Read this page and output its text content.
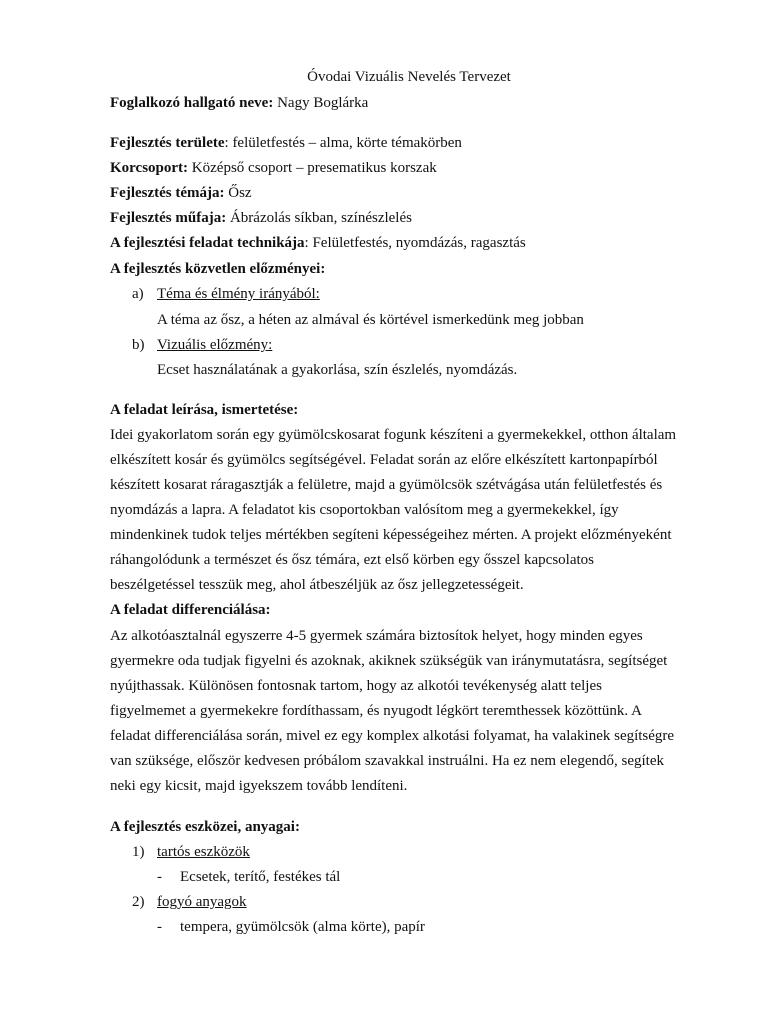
Óvodai Vizuális Nevelés Tervezet
Foglalkozó hallgató neve: Nagy Boglárka
Fejlesztés területe: felületfestés – alma, körte témakörben
Korcsoport: Középső csoport – presematikus korszak
Fejlesztés témája: Ősz
Fejlesztés műfaja: Ábrázolás síkban, színészlelés
A fejlesztési feladat technikája: Felületfestés, nyomdázás, ragasztás
A fejlesztés közvetlen előzményei:
a) Téma és élmény irányából:
A téma az ősz, a héten az almával és körtével ismerkedünk meg jobban
b) Vizuális előzmény:
Ecset használatának a gyakorlása, szín észlelés, nyomdázás.
A feladat leírása, ismertetése:
Idei gyakorlatom során egy gyümölcskosarat fogunk készíteni a gyermekekkel, otthon általam
elkészített kosár és gyümölcs segítségével. Feladat során az előre elkészített kartonpapírból
készített kosarat ráragasztják a felületre, majd a gyümölcsök szétvágása után felületfestés és
nyomdázás a lapra. A feladatot kis csoportokban valósítom meg a gyermekekkel, így
mindenkinek tudok teljes mértékben segíteni képességeihez mérten. A projekt előzményeként
ráhangolódunk a természet és ősz témára, ezt első körben egy ősszel kapcsolatos
beszélgetéssel tesszük meg, ahol átbeszéljük az ősz jellegzetességeit.
A feladat differenciálása:
Az alkotóasztalnál egyszerre 4-5 gyermek számára biztosítok helyet, hogy minden egyes
gyermekre oda tudjak figyelni és azoknak, akiknek szükségük van iránymutatásra, segítséget
nyújthassak. Különösen fontosnak tartom, hogy az alkotói tevékenység alatt teljes
figyelmemet a gyermekekre fordíthassam, és nyugodt légkört teremthessek közöttünk. A
feladat differenciálása során, mivel ez egy komplex alkotási folyamat, ha valakinek segítségre
van szüksége, először kedvesen próbálom szavakkal instruálni. Ha ez nem elegendő, segítek
neki egy kicsit, majd igyekszem tovább lendíteni.
A fejlesztés eszközei, anyagai:
1) tartós eszközök
- Ecsetek, terítő, festékes tál
2) fogyó anyagok
- tempera, gyümölcsök (alma körte), papír
